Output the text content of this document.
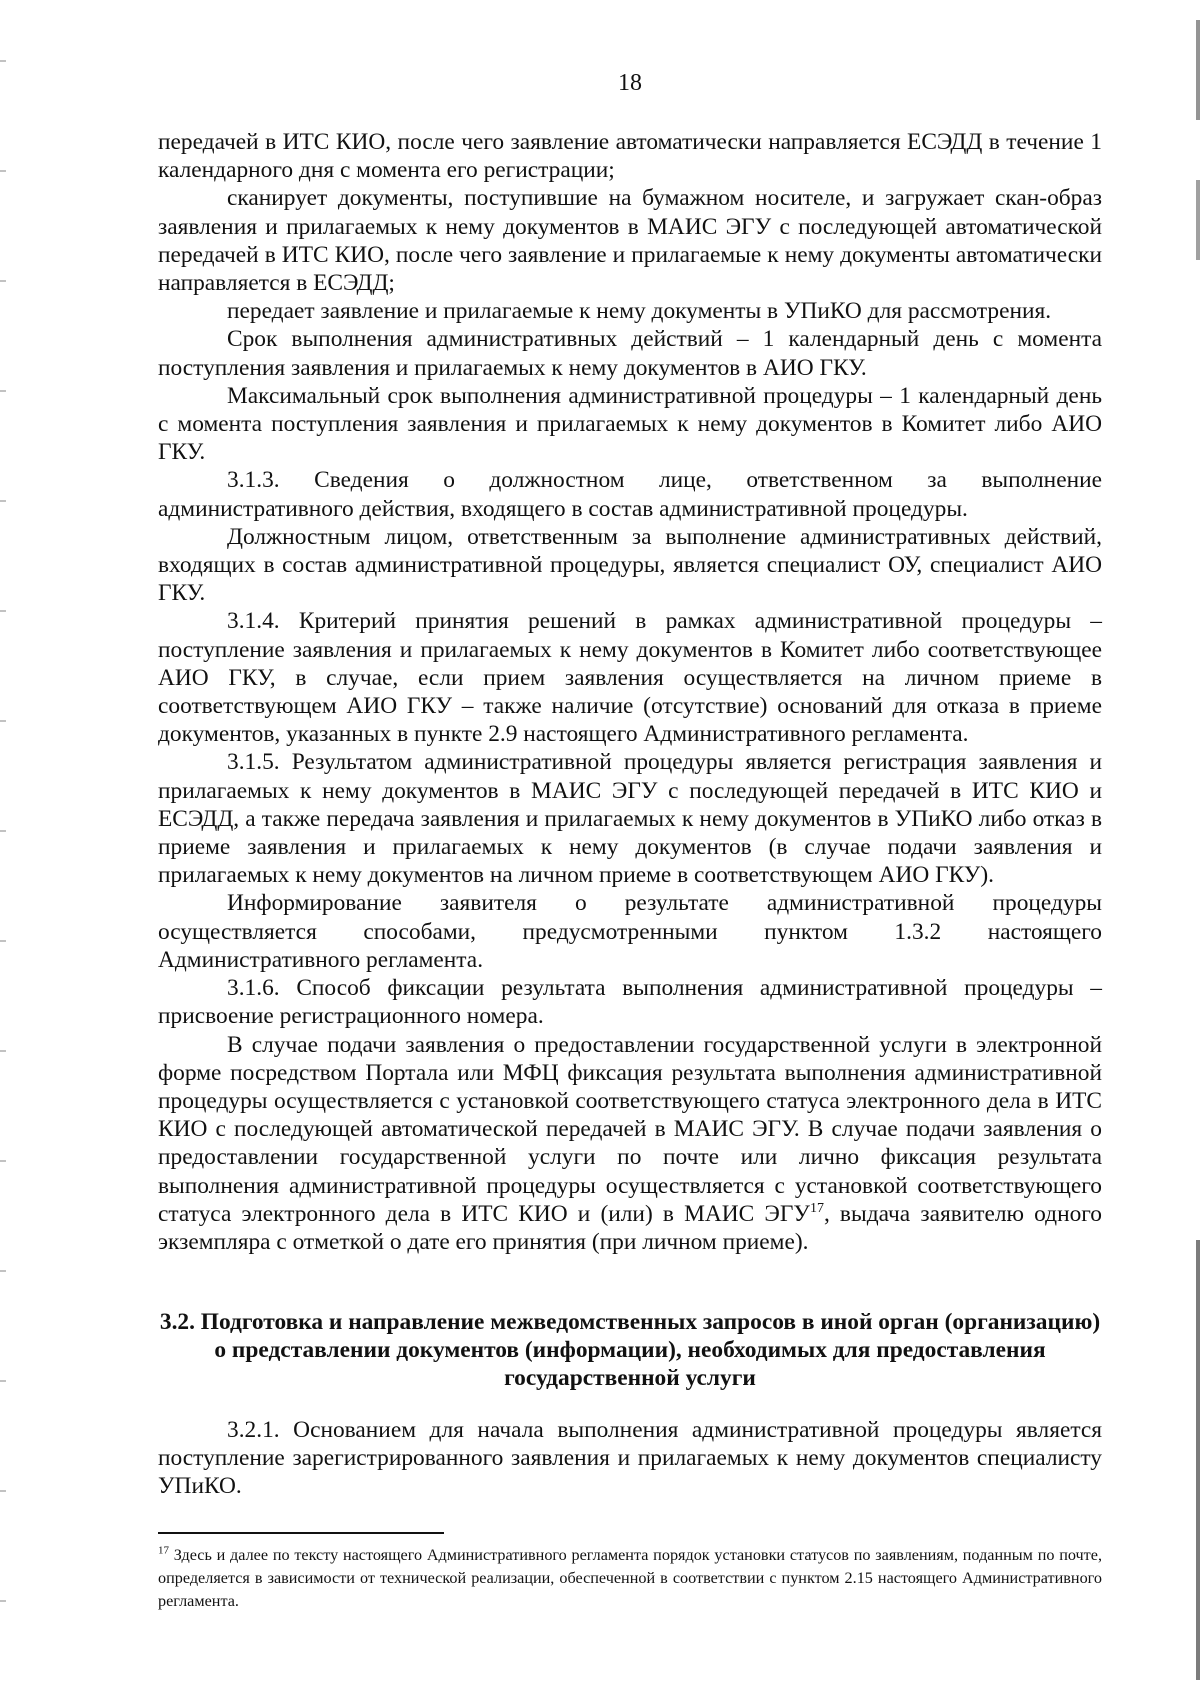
18

передачей в ИТС КИО, после чего заявление автоматически направляется ЕСЭДД в течение 1 календарного дня с момента его регистрации;

сканирует документы, поступившие на бумажном носителе, и загружает скан-образ заявления и прилагаемых к нему документов в МАИС ЭГУ с последующей автоматической передачей в ИТС КИО, после чего заявление и прилагаемые к нему документы автоматически направляется в ЕСЭДД;

передает заявление и прилагаемые к нему документы в УПиКО для рассмотрения.

Срок выполнения административных действий – 1 календарный день с момента поступления заявления и прилагаемых к нему документов в АИО ГКУ.

Максимальный срок выполнения административной процедуры – 1 календарный день с момента поступления заявления и прилагаемых к нему документов в Комитет либо АИО ГКУ.

3.1.3. Сведения о должностном лице, ответственном за выполнение административного действия, входящего в состав административной процедуры.

Должностным лицом, ответственным за выполнение административных действий, входящих в состав административной процедуры, является специалист ОУ, специалист АИО ГКУ.

3.1.4. Критерий принятия решений в рамках административной процедуры – поступление заявления и прилагаемых к нему документов в Комитет либо соответствующее АИО ГКУ, в случае, если прием заявления осуществляется на личном приеме в соответствующем АИО ГКУ – также наличие (отсутствие) оснований для отказа в приеме документов, указанных в пункте 2.9 настоящего Административного регламента.

3.1.5. Результатом административной процедуры является регистрация заявления и прилагаемых к нему документов в МАИС ЭГУ с последующей передачей в ИТС КИО и ЕСЭДД, а также передача заявления и прилагаемых к нему документов в УПиКО либо отказ в приеме заявления и прилагаемых к нему документов (в случае подачи заявления и прилагаемых к нему документов на личном приеме в соответствующем АИО ГКУ).

Информирование заявителя о результате административной процедуры осуществляется способами, предусмотренными пунктом 1.3.2 настоящего Административного регламента.

3.1.6. Способ фиксации результата выполнения административной процедуры – присвоение регистрационного номера.

В случае подачи заявления о предоставлении государственной услуги в электронной форме посредством Портала или МФЦ фиксация результата выполнения административной процедуры осуществляется с установкой соответствующего статуса электронного дела в ИТС КИО с последующей автоматической передачей в МАИС ЭГУ. В случае подачи заявления о предоставлении государственной услуги по почте или лично фиксация результата выполнения административной процедуры осуществляется с установкой соответствующего статуса электронного дела в ИТС КИО и (или) в МАИС ЭГУ$^{17}$, выдача заявителю одного экземпляра с отметкой о дате его принятия (при личном приеме).

3.2. Подготовка и направление межведомственных запросов в иной орган (организацию) о представлении документов (информации), необходимых для предоставления государственной услуги

3.2.1. Основанием для начала выполнения административной процедуры является поступление зарегистрированного заявления и прилагаемых к нему документов специалисту УПиКО.

$^{17}$ Здесь и далее по тексту настоящего Административного регламента порядок установки статусов по заявлениям, поданным по почте, определяется в зависимости от технической реализации, обеспеченной в соответствии с пунктом 2.15 настоящего Административного регламента.
